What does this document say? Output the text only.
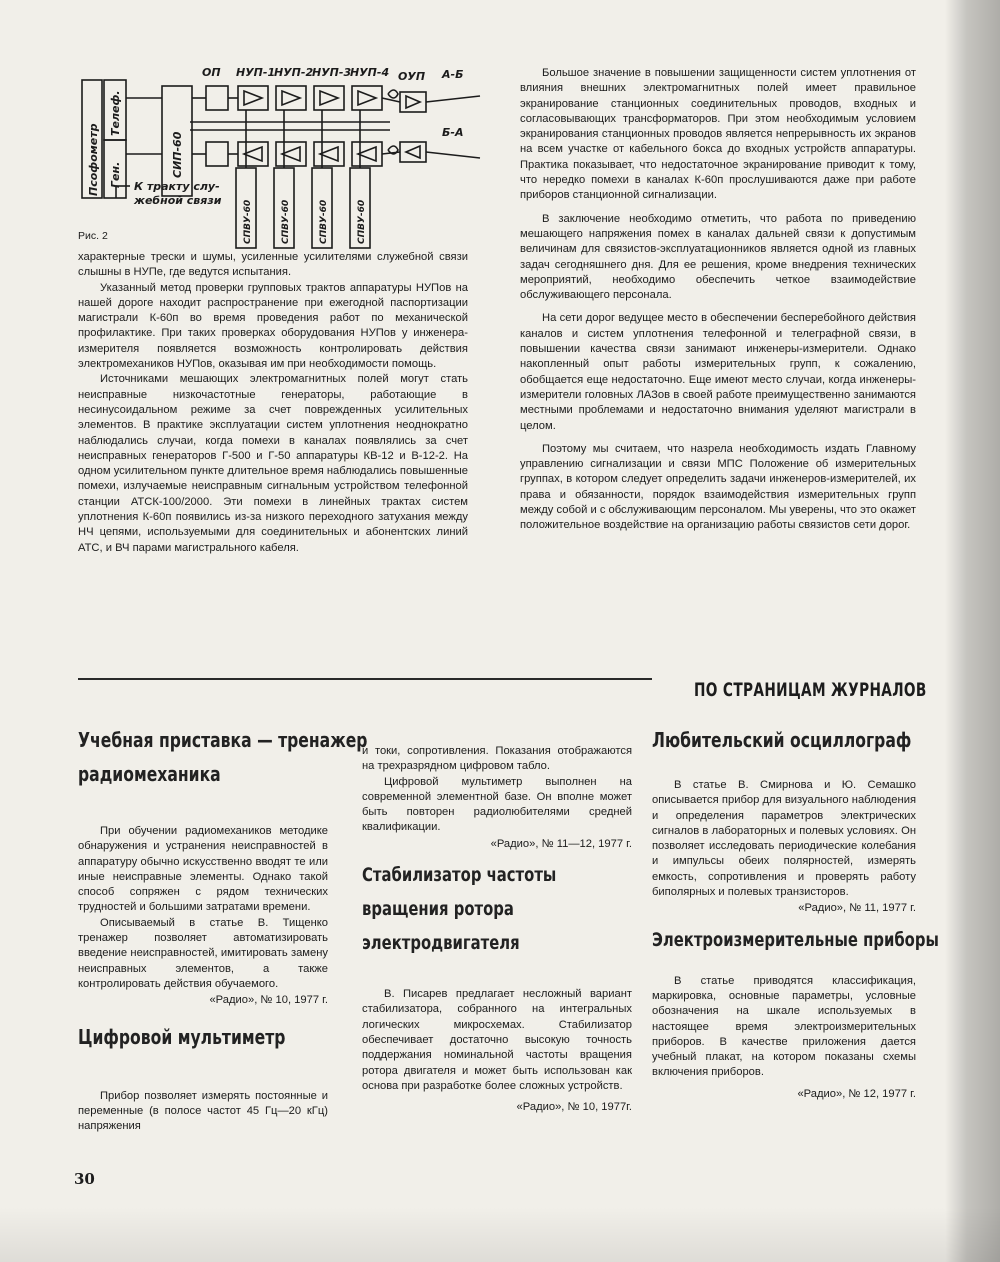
ОП НУП-1
НУП-2
НУП-3
НУП-4 ОУП А-Б
Б-А
К тракту слу-
жебной связи
Псофометр
Телеф.
Ген.	СИП-60
СПВУ-60	СПВУ-60	СПВУ-60	СПВУ-60
Рис. 2

характерные трески и шумы, усиленные усилителями служебной связи слышны в НУПе, где ведутся испытания.

Указанный метод проверки групповых трактов аппаратуры НУПов на нашей дороге находит распространение при ежегодной паспортизации магистрали К-60п во время проведения работ по механической профилактике. При таких проверках оборудования НУПов у инженера-измерителя появляется возможность контролировать действия электромехаников НУПов, оказывая им при необходимости помощь.

Источниками мешающих электромагнитных полей могут стать неисправные низкочастотные генераторы, работающие в несинусоидальном режиме за счет поврежденных усилительных элементов. В практике эксплуатации систем уплотнения неоднократно наблюдались случаи, когда помехи в каналах появлялись за счет неисправных генераторов Г-500 и Г-50 аппаратуры КВ-12 и В-12-2. На одном усилительном пункте длительное время наблюдались повышенные помехи, излучаемые неисправным сигнальным устройством телефонной станции АТСК-100/2000. Эти помехи в линейных трактах систем уплотнения К-60п появились из-за низкого переходного затухания между НЧ цепями, используемыми для соединительных и абонентских линий АТС, и ВЧ парами магистрального кабеля.

Большое значение в повышении защищенности систем уплотнения от влияния внешних электромагнитных полей имеет правильное экранирование станционных соединительных проводов, входных и согласовывающих трансформаторов. При этом необходимым условием экранирования станционных проводов является непрерывность их экранов на всем участке от кабельного бокса до входных устройств аппаратуры. Практика показывает, что недостаточное экранирование приводит к тому, что нередко помехи в каналах К-60п прослушиваются даже при работе приборов станционной сигнализации.

В заключение необходимо отметить, что работа по приведению мешающего напряжения помех в каналах дальней связи к допустимым величинам для связистов-эксплуатационников является одной из главных задач сегодняшнего дня. Для ее решения, кроме внедрения технических мероприятий, необходимо обеспечить четкое взаимодействие обслуживающего персонала.

На сети дорог ведущее место в обеспечении бесперебойного действия каналов и систем уплотнения телефонной и телеграфной связи, в повышении качества связи занимают инженеры-измерители. Однако накопленный опыт работы измерительных групп, к сожалению, обобщается еще недостаточно. Еще имеют место случаи, когда инженеры-измерители головных ЛАЗов в своей работе преимущественно занимаются местными проблемами и недостаточно внимания уделяют магистрали в целом.

Поэтому мы считаем, что назрела необходимость издать Главному управлению сигнализации и связи МПС Положение об измерительных группах, в котором следует определить задачи инженеров-измерителей, их права и обязанности, порядок взаимодействия измерительных групп между собой и с обслуживающим персоналом. Мы уверены, что это окажет положительное воздействие на организацию работы связистов сети дорог.

ПО СТРАНИЦАМ ЖУРНАЛОВ
Учебная приставка — тренажер
радиомеханика

При обучении радиомехаников методике обнаружения и устранения неисправностей в аппаратуру обычно искусственно вводят те или иные неисправные элементы. Однако такой способ сопряжен с рядом технических трудностей и большими затратами времени.

Описываемый в статье В. Тищенко тренажер позволяет автоматизировать введение неисправностей, имитировать замену неисправных элементов, а также контролировать действия обучаемого.

«Радио», № 10, 1977 г.
Цифровой мультиметр

Прибор позволяет измерять постоянные и переменные (в полосе частот 45 Гц—20 кГц) напряжения

и токи, сопротивления. Показания отображаются на трехразрядном цифровом табло.

Цифровой мультиметр выполнен на современной элементной базе. Он вполне может быть повторен радиолюбителями средней квалификации.

«Радио», № 11—12, 1977 г.
Стабилизатор частоты
вращения ротора
электродвигателя

В. Писарев предлагает несложный вариант стабилизатора, собранного на интегральных логических микросхемах. Стабилизатор обеспечивает достаточно высокую точность поддержания номинальной частоты вращения ротора двигателя и может быть использован как основа при разработке более сложных устройств.

«Радио», № 10, 1977г.
Любительский осциллограф

В статье В. Смирнова и Ю. Семашко описывается прибор для визуального наблюдения и определения параметров электрических сигналов в лабораторных и полевых условиях. Он позволяет исследовать периодические колебания и импульсы обеих полярностей, измерять емкость, сопротивления и проверять работу биполярных и полевых транзисторов.

«Радио», № 11, 1977 г.
Электроизмерительные приборы

В статье приводятся классификация, маркировка, основные параметры, условные обозначения на шкале используемых в настоящее время электроизмерительных приборов. В качестве приложения дается учебный плакат, на котором показаны схемы включения приборов.

«Радио», № 12, 1977 г.
30
